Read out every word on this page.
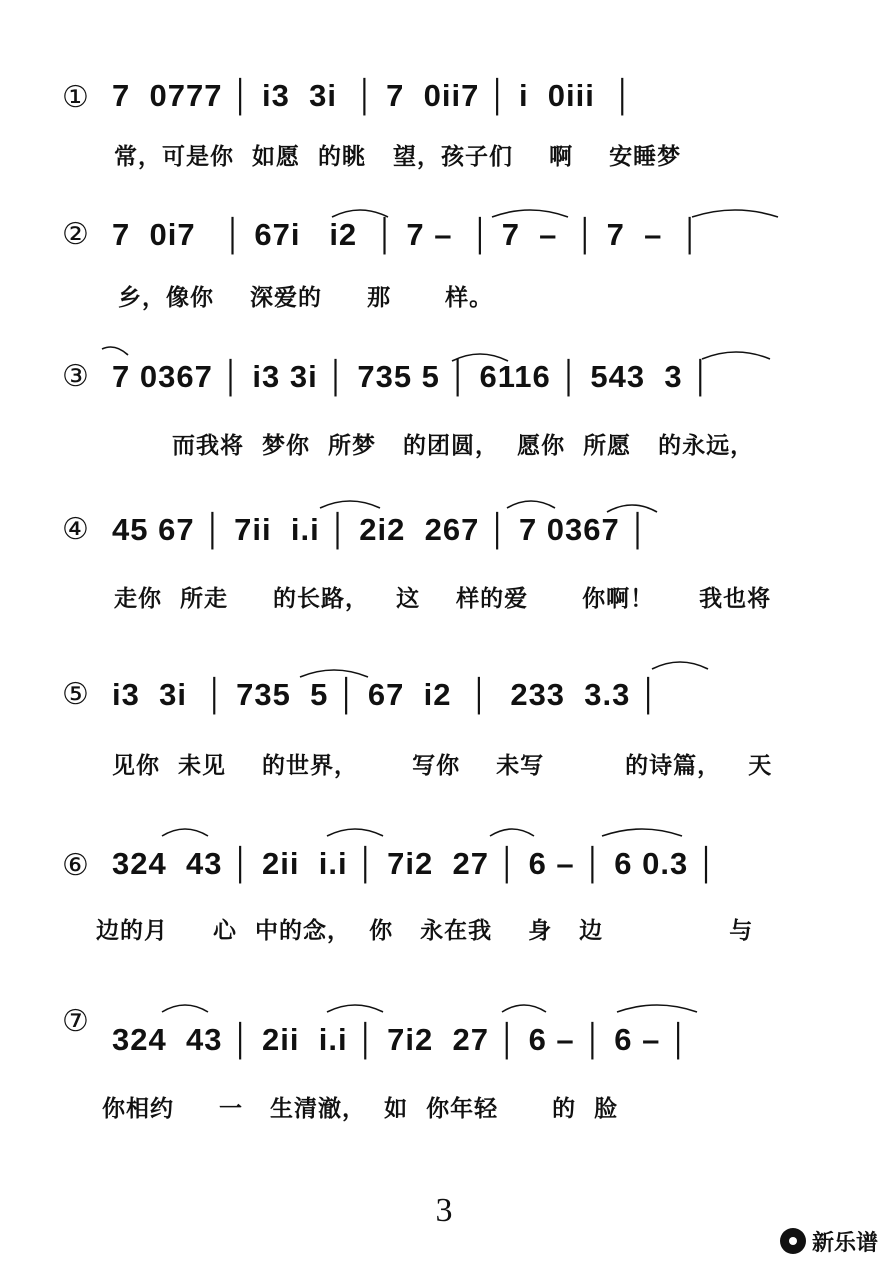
① 7  0777 │ i3  3i  │ 7  0ii7 │ i  0iii  │
常，可是你  如愿  的眺   望，孩子们    啊    安睡梦
② 7  0i7   │ 67i   i2  │ 7 –  │ 7  –  │ 7  –  │
乡，像你    深爱的     那      样。
③ 7 0367 │ i3 3i │ 735 5 │ 6116 │ 543  3 │
而我将  梦你  所梦   的团圆，  愿你  所愿   的永远，
④ 45 67 │ 7ii  i.i │ 2i2  267 │ 7 0367 │
走你  所走     的长路，   这    样的爱      你啊！     我也将
⑤ i3  3i  │ 735  5 │ 67  i2  │  233  3.3 │
见你  未见    的世界，      写你    未写         的诗篇，   天
⑥ 324  43 │ 2ii  i.i │ 7i2  27 │ 6 – │ 6 0.3 │
边的月     心  中的念，  你   永在我    身   边              与
⑦
324  43 │ 2ii  i.i │ 7i2  27 │ 6 – │ 6 – │
你相约     一   生清澈，  如  你年轻      的  脸
3
新乐谱
